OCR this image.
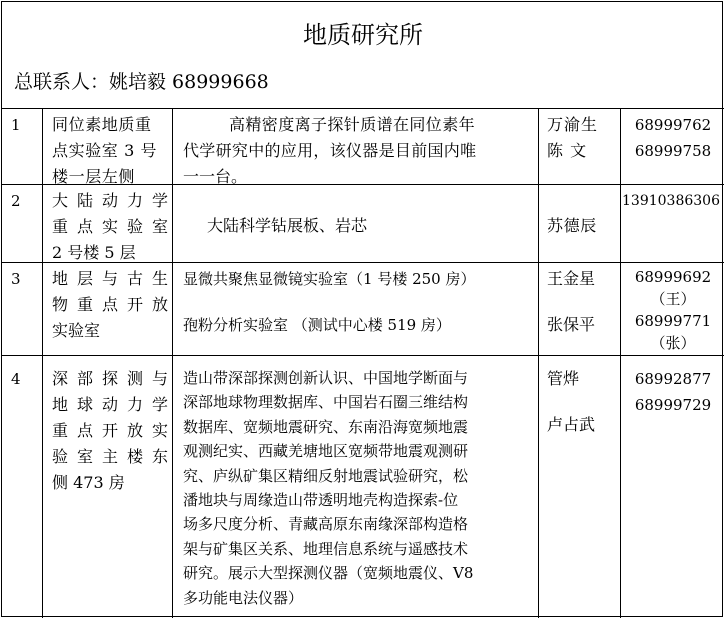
地质研究所
总联系人：姚培毅 68999668
1 同位素地质重
点实验室 3 号
楼一层左侧
高精密度离子探针质谱在同位素年
代学研究中的应用，该仪器是目前国内唯
一一台。
万渝生
陈 文
68999762
68999758
2 大陆动力学
重点实验室
2 号楼 5 层
大陆科学钻展板、岩芯	苏德辰
13910386306
3 地层与古生
物重点开放
实验室
显微共聚焦显微镜实验室（1 号楼 250 房）
孢粉分析实验室 （测试中心楼 519 房）
王金星
张保平
68999692
（王）
68999771
（张）
4 深部探测与
地球动力学
重点开放实
验室主楼东
侧 473 房
造山带深部探测创新认识、中国地学断面与
深部地球物理数据库、中国岩石圈三维结构
数据库、宽频地震研究、东南沿海宽频地震
观测纪实、西藏羌塘地区宽频带地震观测研
究、庐纵矿集区精细反射地震试验研究，松
潘地块与周缘造山带透明地壳构造探索-位
场多尺度分析、青藏高原东南缘深部构造格
架与矿集区关系、地理信息系统与遥感技术
研究。展示大型探测仪器（宽频地震仪、V8
多功能电法仪器）
管烨
卢占武
68992877
68999729
